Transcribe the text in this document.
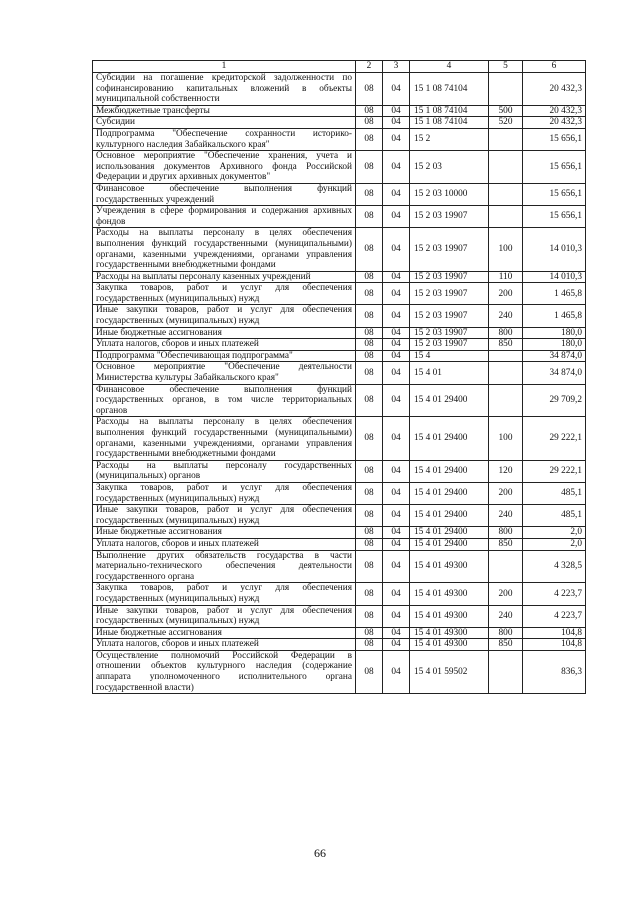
1	2	3	4	5	6
Субсидии на погашение кредиторской задолженности по софинансированию капитальных вложений в объекты муниципальной собственности	08	04	15 1 08 74104		20 432,3
Межбюджетные трансферты	08	04	15 1 08 74104	500	20 432,3
Субсидии	08	04	15 1 08 74104	520	20 432,3
Подпрограмма "Обеспечение сохранности историко-культурного наследия Забайкальского края"	08	04	15 2		15 656,1
Основное мероприятие "Обеспечение хранения, учета и использования документов Архивного фонда Российской Федерации и других архивных документов"	08	04	15 2 03		15 656,1
Финансовое обеспечение выполнения функций государственных учреждений	08	04	15 2 03 10000		15 656,1
Учреждения в сфере формирования и содержания архивных фондов	08	04	15 2 03 19907		15 656,1
Расходы на выплаты персоналу в целях обеспечения выполнения функций государственными (муниципальными) органами, казенными учреждениями, органами управления государственными внебюджетными фондами	08	04	15 2 03 19907	100	14 010,3
Расходы на выплаты персоналу казенных учреждений	08	04	15 2 03 19907	110	14 010,3
Закупка товаров, работ и услуг для обеспечения государственных (муниципальных) нужд	08	04	15 2 03 19907	200	1 465,8
Иные закупки товаров, работ и услуг для обеспечения государственных (муниципальных) нужд	08	04	15 2 03 19907	240	1 465,8
Иные бюджетные ассигнования	08	04	15 2 03 19907	800	180,0
Уплата налогов, сборов и иных платежей	08	04	15 2 03 19907	850	180,0
Подпрограмма "Обеспечивающая подпрограмма"	08	04	15 4		34 874,0
Основное мероприятие "Обеспечение деятельности Министерства культуры Забайкальского края"	08	04	15 4 01		34 874,0
Финансовое обеспечение выполнения функций государственных органов, в том числе территориальных органов	08	04	15 4 01 29400		29 709,2
Расходы на выплаты персоналу в целях обеспечения выполнения функций государственными (муниципальными) органами, казенными учреждениями, органами управления государственными внебюджетными фондами	08	04	15 4 01 29400	100	29 222,1
Расходы на выплаты персоналу государственных (муниципальных) органов	08	04	15 4 01 29400	120	29 222,1
Закупка товаров, работ и услуг для обеспечения государственных (муниципальных) нужд	08	04	15 4 01 29400	200	485,1
Иные закупки товаров, работ и услуг для обеспечения государственных (муниципальных) нужд	08	04	15 4 01 29400	240	485,1
Иные бюджетные ассигнования	08	04	15 4 01 29400	800	2,0
Уплата налогов, сборов и иных платежей	08	04	15 4 01 29400	850	2,0
Выполнение других обязательств государства в части материально-технического обеспечения деятельности государственного органа	08	04	15 4 01 49300		4 328,5
Закупка товаров, работ и услуг для обеспечения государственных (муниципальных) нужд	08	04	15 4 01 49300	200	4 223,7
Иные закупки товаров, работ и услуг для обеспечения государственных (муниципальных) нужд	08	04	15 4 01 49300	240	4 223,7
Иные бюджетные ассигнования	08	04	15 4 01 49300	800	104,8
Уплата налогов, сборов и иных платежей	08	04	15 4 01 49300	850	104,8
Осуществление полномочий Российской Федерации в отношении объектов культурного наследия (содержание аппарата уполномоченного исполнительного органа государственной власти)	08	04	15 4 01 59502		836,3
66
